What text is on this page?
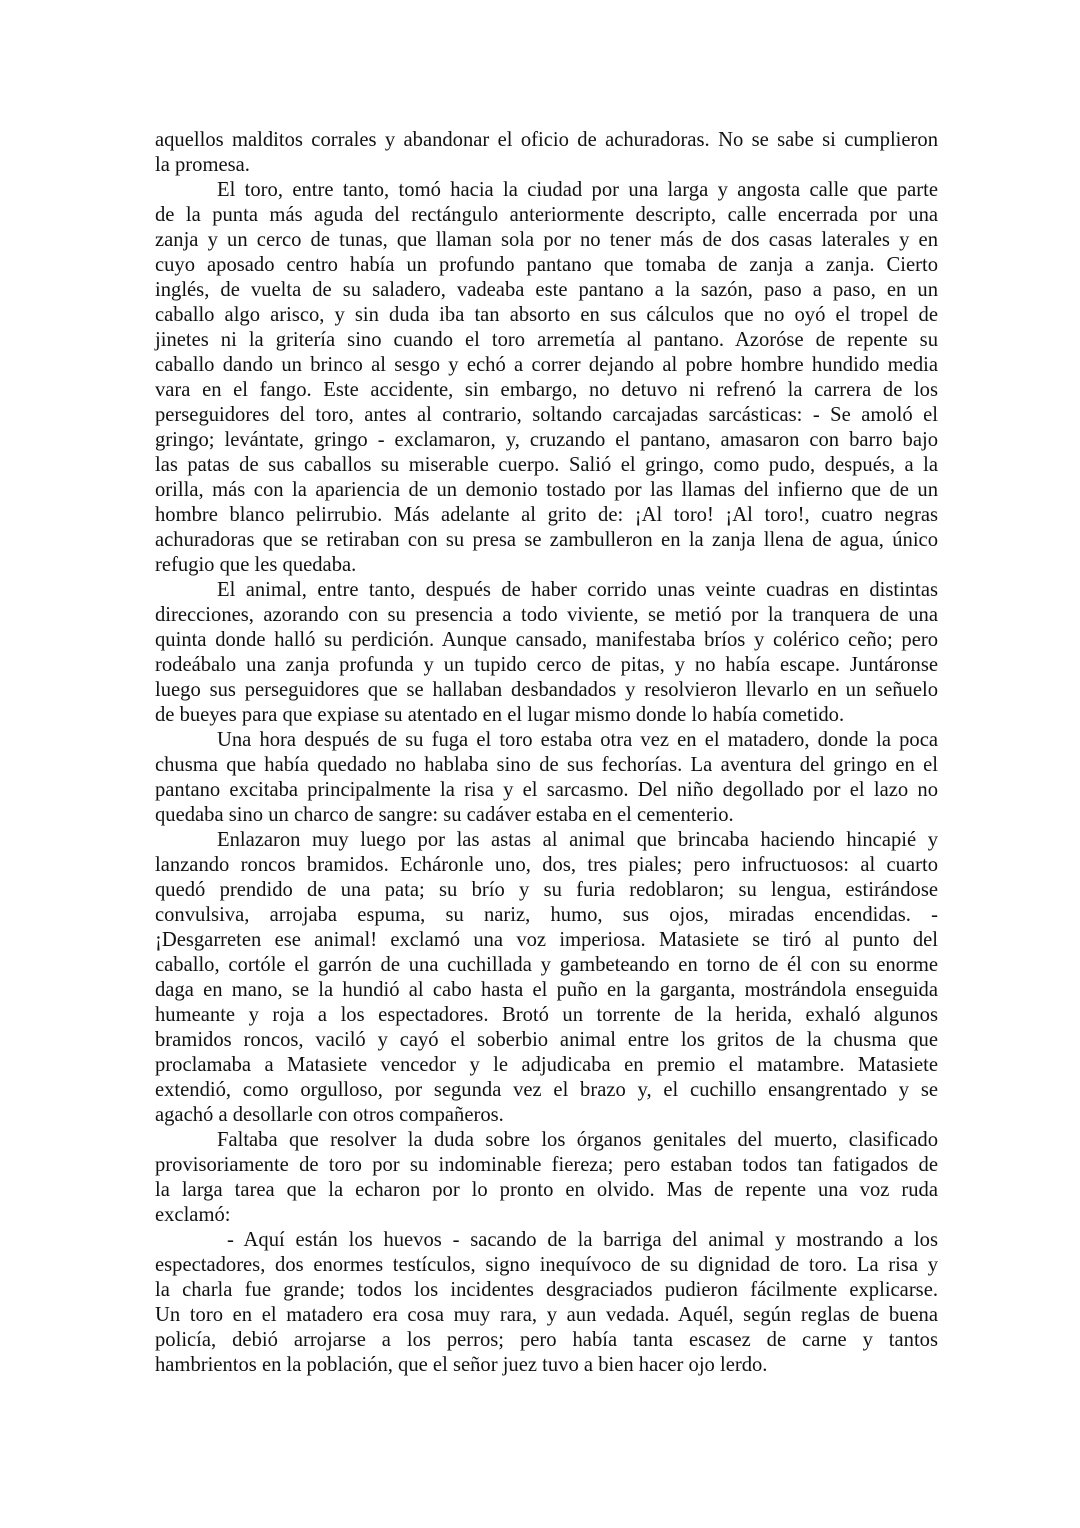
aquellos malditos corrales y abandonar el oficio de achuradoras. No se sabe si cumplieron
la promesa.
El toro, entre tanto, tomó hacia la ciudad por una larga y angosta calle que parte
de la punta más aguda del rectángulo anteriormente descripto, calle encerrada por una
zanja y un cerco de tunas, que llaman sola por no tener más de dos casas laterales y en
cuyo aposado centro había un profundo pantano que tomaba de zanja a zanja. Cierto
inglés, de vuelta de su saladero, vadeaba este pantano a la sazón, paso a paso, en un
caballo algo arisco, y sin duda iba tan absorto en sus cálculos que no oyó el tropel de
jinetes ni la gritería sino cuando el toro arremetía al pantano. Azoróse de repente su
caballo dando un brinco al sesgo y echó a correr dejando al pobre hombre hundido media
vara en el fango. Este accidente, sin embargo, no detuvo ni refrenó la carrera de los
perseguidores del toro, antes al contrario, soltando carcajadas sarcásticas: - Se amoló el
gringo; levántate, gringo - exclamaron, y, cruzando el pantano, amasaron con barro bajo
las patas de sus caballos su miserable cuerpo. Salió el gringo, como pudo, después, a la
orilla, más con la apariencia de un demonio tostado por las llamas del infierno que de un
hombre blanco pelirrubio. Más adelante al grito de: ¡Al toro! ¡Al toro!, cuatro negras
achuradoras que se retiraban con su presa se zambulleron en la zanja llena de agua, único
refugio que les quedaba.
El animal, entre tanto, después de haber corrido unas veinte cuadras en distintas
direcciones, azorando con su presencia a todo viviente, se metió por la tranquera de una
quinta donde halló su perdición. Aunque cansado, manifestaba bríos y colérico ceño; pero
rodeábalo una zanja profunda y un tupido cerco de pitas, y no había escape. Juntáronse
luego sus perseguidores que se hallaban desbandados y resolvieron llevarlo en un señuelo
de bueyes para que expiase su atentado en el lugar mismo donde lo había cometido.
Una hora después de su fuga el toro estaba otra vez en el matadero, donde la poca
chusma que había quedado no hablaba sino de sus fechorías. La aventura del gringo en el
pantano excitaba principalmente la risa y el sarcasmo. Del niño degollado por el lazo no
quedaba sino un charco de sangre: su cadáver estaba en el cementerio.
Enlazaron muy luego por las astas al animal que brincaba haciendo hincapié y
lanzando roncos bramidos. Echáronle uno, dos, tres piales; pero infructuosos: al cuarto
quedó prendido de una pata; su brío y su furia redoblaron; su lengua, estirándose
convulsiva, arrojaba espuma, su nariz, humo, sus ojos, miradas encendidas. -
¡Desgarreten ese animal! exclamó una voz imperiosa. Matasiete se tiró al punto del
caballo, cortóle el garrón de una cuchillada y gambeteando en torno de él con su enorme
daga en mano, se la hundió al cabo hasta el puño en la garganta, mostrándola enseguida
humeante y roja a los espectadores. Brotó un torrente de la herida, exhaló algunos
bramidos roncos, vaciló y cayó el soberbio animal entre los gritos de la chusma que
proclamaba a Matasiete vencedor y le adjudicaba en premio el matambre. Matasiete
extendió, como orgulloso, por segunda vez el brazo y, el cuchillo ensangrentado y se
agachó a desollarle con otros compañeros.
Faltaba que resolver la duda sobre los órganos genitales del muerto, clasificado
provisoriamente de toro por su indominable fiereza; pero estaban todos tan fatigados de
la larga tarea que la echaron por lo pronto en olvido. Mas de repente una voz ruda
exclamó:
- Aquí están los huevos - sacando de la barriga del animal y mostrando a los
espectadores, dos enormes testículos, signo inequívoco de su dignidad de toro. La risa y
la charla fue grande; todos los incidentes desgraciados pudieron fácilmente explicarse.
Un toro en el matadero era cosa muy rara, y aun vedada. Aquél, según reglas de buena
policía, debió arrojarse a los perros; pero había tanta escasez de carne y tantos
hambrientos en la población, que el señor juez tuvo a bien hacer ojo lerdo.
